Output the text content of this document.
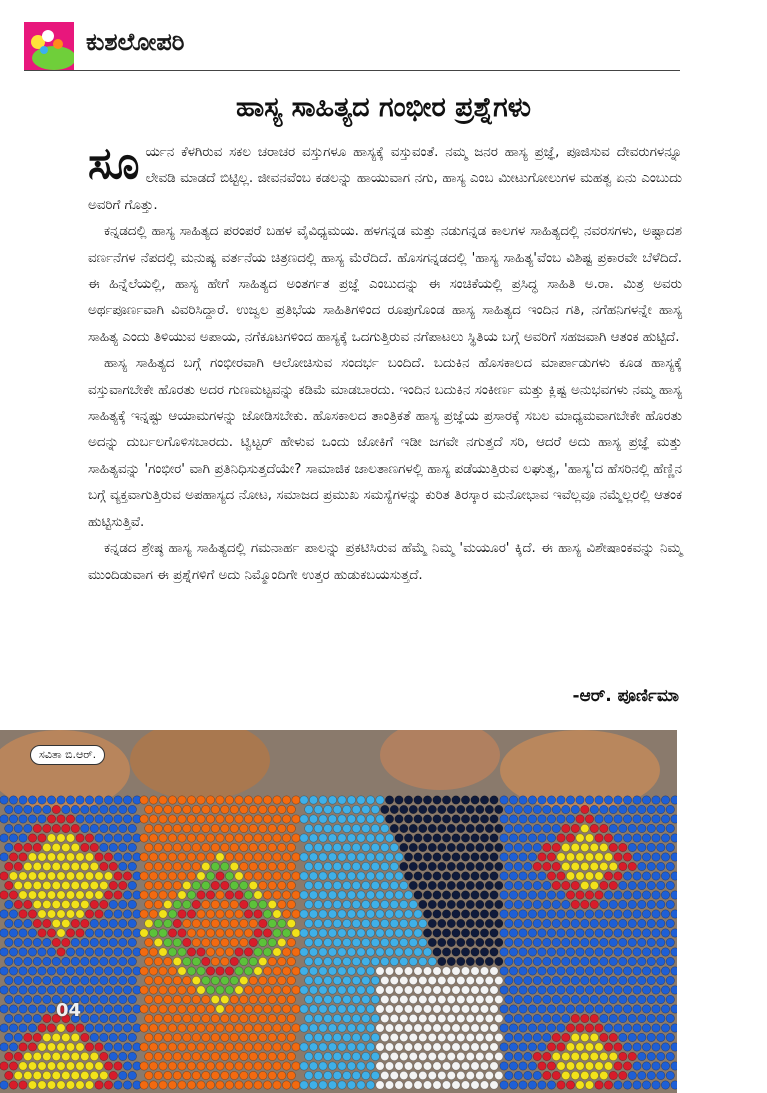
ಕುಶಲೋಪರಿ
ಹಾಸ್ಯ ಸಾಹಿತ್ಯದ ಗಂಭೀರ ಪ್ರಶ್ನೆಗಳು

ಸೂ ರ್ಯನ ಕೆಳಗಿರುವ ಸಕಲ ಚರಾಚರ ವಸ್ತುಗಳೂ ಹಾಸ್ಯಕ್ಕೆ ವಸ್ತುವಂತೆ. ನಮ್ಮ ಜನರ ಹಾಸ್ಯ ಪ್ರಜ್ಞೆ, ಪೂಜಿಸುವ ದೇವರುಗಳನ್ನೂ ಲೇವಡಿ ಮಾಡದೆ ಬಿಟ್ಟಿಲ್ಲ. ಜೀವನವೆಂಬ ಕಡಲನ್ನು ಹಾಯುವಾಗ ನಗು, ಹಾಸ್ಯ ಎಂಬ ಮೀಟುಗೋಲುಗಳ ಮಹತ್ವ ಏನು ಎಂಬುದು ಅವರಿಗೆ ಗೊತ್ತು.

ಕನ್ನಡದಲ್ಲಿ ಹಾಸ್ಯ ಸಾಹಿತ್ಯದ ಪರಂಪರೆ ಬಹಳ ವೈವಿಧ್ಯಮಯ. ಹಳಗನ್ನಡ ಮತ್ತು ನಡುಗನ್ನಡ ಕಾಲಗಳ ಸಾಹಿತ್ಯದಲ್ಲಿ ನವರಸಗಳು, ಅಷ್ಟಾದಶ ವರ್ಣನೆಗಳ ನೆಪದಲ್ಲಿ ಮನುಷ್ಯ ವರ್ತನೆಯ ಚಿತ್ರಣದಲ್ಲಿ ಹಾಸ್ಯ ಮೆರೆದಿದೆ. ಹೊಸಗನ್ನಡದಲ್ಲಿ 'ಹಾಸ್ಯ ಸಾಹಿತ್ಯ'ವೆಂಬ ವಿಶಿಷ್ಟ ಪ್ರಕಾರವೇ ಬೆಳೆದಿದೆ. ಈ ಹಿನ್ನೆಲೆಯಲ್ಲಿ, ಹಾಸ್ಯ ಹೇಗೆ ಸಾಹಿತ್ಯದ ಅಂತರ್ಗತ ಪ್ರಜ್ಞೆ ಎಂಬುದನ್ನು ಈ ಸಂಚಿಕೆಯಲ್ಲಿ ಪ್ರಸಿದ್ಧ ಸಾಹಿತಿ ಅ.ರಾ. ಮಿತ್ರ ಅವರು ಅರ್ಥಪೂರ್ಣವಾಗಿ ವಿವರಿಸಿದ್ದಾರೆ. ಉಜ್ವಲ ಪ್ರತಿಭೆಯ ಸಾಹಿತಿಗಳಿಂದ ರೂಪುಗೊಂಡ ಹಾಸ್ಯ ಸಾಹಿತ್ಯದ ಇಂದಿನ ಗತಿ, ನಗೆಹನಿಗಳನ್ನೇ ಹಾಸ್ಯ ಸಾಹಿತ್ಯ ಎಂದು ತಿಳಿಯುವ ಅಪಾಯ, ನಗೆಕೂಟಗಳಿಂದ ಹಾಸ್ಯಕ್ಕೆ ಒದಗುತ್ತಿರುವ ನಗೆಪಾಟಲು ಸ್ಥಿತಿಯ ಬಗ್ಗೆ ಅವರಿಗೆ ಸಹಜವಾಗಿ ಆತಂಕ ಹುಟ್ಟಿದೆ.

ಹಾಸ್ಯ ಸಾಹಿತ್ಯದ ಬಗ್ಗೆ ಗಂಭೀರವಾಗಿ ಆಲೋಚಿಸುವ ಸಂದರ್ಭ ಬಂದಿದೆ. ಬದುಕಿನ ಹೊಸಕಾಲದ ಮಾರ್ಪಾಡುಗಳು ಕೂಡ ಹಾಸ್ಯಕ್ಕೆ ವಸ್ತುವಾಗಬೇಕೇ ಹೊರತು ಅದರ ಗುಣಮಟ್ಟವನ್ನು ಕಡಿಮೆ ಮಾಡಬಾರದು. ಇಂದಿನ ಬದುಕಿನ ಸಂಕೀರ್ಣ ಮತ್ತು ಕ್ಲಿಷ್ಟ ಅನುಭವಗಳು ನಮ್ಮ ಹಾಸ್ಯ ಸಾಹಿತ್ಯಕ್ಕೆ ಇನ್ನಷ್ಟು ಆಯಾಮಗಳನ್ನು ಜೋಡಿಸಬೇಕು. ಹೊಸಕಾಲದ ತಾಂತ್ರಿಕತೆ ಹಾಸ್ಯ ಪ್ರಜ್ಞೆಯ ಪ್ರಸಾರಕ್ಕೆ ಸಬಲ ಮಾಧ್ಯಮವಾಗಬೇಕೇ ಹೊರತು ಅದನ್ನು ದುರ್ಬಲಗೊಳಿಸಬಾರದು. ಟ್ವಿಟ್ಟರ್ ಹೇಳುವ ಒಂದು ಜೋಕಿಗೆ ಇಡೀ ಜಗವೇ ನಗುತ್ತದೆ ಸರಿ, ಆದರೆ ಅದು ಹಾಸ್ಯ ಪ್ರಜ್ಞೆ ಮತ್ತು ಸಾಹಿತ್ಯವನ್ನು 'ಗಂಭೀರ' ವಾಗಿ ಪ್ರತಿನಿಧಿಸುತ್ತದೆಯೇ? ಸಾಮಾಜಿಕ ಜಾಲತಾಣಗಳಲ್ಲಿ ಹಾಸ್ಯ ಪಡೆಯುತ್ತಿರುವ ಲಘುತ್ವ, 'ಹಾಸ್ಯ'ದ ಹೆಸರಿನಲ್ಲಿ ಹೆಣ್ಣಿನ ಬಗ್ಗೆ ವ್ಯಕ್ತವಾಗುತ್ತಿರುವ ಅಪಹಾಸ್ಯದ ನೋಟ, ಸಮಾಜದ ಪ್ರಮುಖ ಸಮಸ್ಯೆಗಳನ್ನು ಕುರಿತ ತಿರಸ್ಕಾರ ಮನೋಭಾವ ಇವೆಲ್ಲವೂ ನಮ್ಮೆಲ್ಲರಲ್ಲಿ ಆತಂಕ ಹುಟ್ಟಿಸುತ್ತಿವೆ.

ಕನ್ನಡದ ಶ್ರೇಷ್ಠ ಹಾಸ್ಯ ಸಾಹಿತ್ಯದಲ್ಲಿ ಗಮನಾರ್ಹ ಪಾಲನ್ನು ಪ್ರಕಟಿಸಿರುವ ಹೆಮ್ಮೆ ನಿಮ್ಮ 'ಮಯೂರ' ಕ್ಕಿದೆ. ಈ ಹಾಸ್ಯ ವಿಶೇಷಾಂಕವನ್ನು ನಿಮ್ಮ ಮುಂದಿಡುವಾಗ ಈ ಪ್ರಶ್ನೆಗಳಿಗೆ ಅದು ನಿಮ್ಮೊಂದಿಗೇ ಉತ್ತರ ಹುಡುಕಬಯಸುತ್ತದೆ.

-ಆರ್. ಪೂರ್ಣಿಮಾ
ಸವಿತಾ ಬಿ.ಆರ್.
04
